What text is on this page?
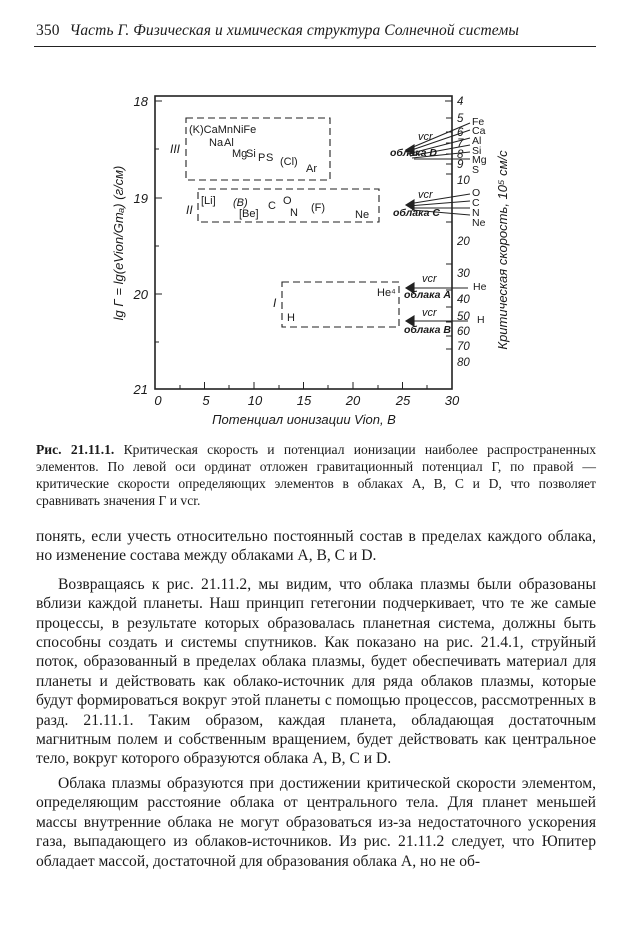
350 Часть Г. Физическая и химическая структура Солнечной системы
lg Γ = lg(eVion/Gmₐ) (г/см)
18
19
20
21
0	5	10	15	20	25	30
Потенциал ионизации Vion, В
4
5
6
7
8
9
10
20
30
40
50
60
70
80
Критическая скорость, 10⁵ см/с
III
(K)CaMnNiFe
Na Al
Mg
Si P S (Cl)
Ar
II
[Li] (B)
[Be]
C O
N (F)
Ne
I
He⁴
H
vcr
облака D
Fe
Ca
Al
Si
Mg
S
vcr
облака C
O
C
N
Ne
vcr
облака A
He
vcr
облака B
H
Рис. 21.11.1. Критическая скорость и потенциал ионизации наиболее распространенных элементов. По левой оси ординат отложен гравитационный потенциал Г, по правой — критические скорости определяющих элементов в облаках А, В, С и D, что позволяет сравнивать значения Г и vcr.

понять, если учесть относительно постоянный состав в пределах каждого облака, но изменение состава между облаками А, В, С и D.

Возвращаясь к рис. 21.11.2, мы видим, что облака плазмы были образованы вблизи каждой планеты. Наш принцип гетегонии подчеркивает, что те же самые процессы, в результате которых образовалась планетная система, должны быть способны создать и системы спутников. Как показано на рис. 21.4.1, струйный поток, образованный в пределах облака плазмы, будет обеспечивать материал для планеты и действовать как облако-источник для ряда облаков плазмы, которые будут формироваться вокруг этой планеты с помощью процессов, рассмотренных в разд. 21.11.1. Таким образом, каждая планета, обладающая достаточным магнитным полем и собственным вращением, будет действовать как центральное тело, вокруг которого образуются облака А, В, С и D.

Облака плазмы образуются при достижении критической скорости элементом, определяющим расстояние облака от центрального тела. Для планет меньшей массы внутренние облака не могут образоваться из-за недостаточного ускорения газа, выпадающего из облаков-источников. Из рис. 21.11.2 следует, что Юпитер обладает массой, достаточной для образования облака А, но не об-
